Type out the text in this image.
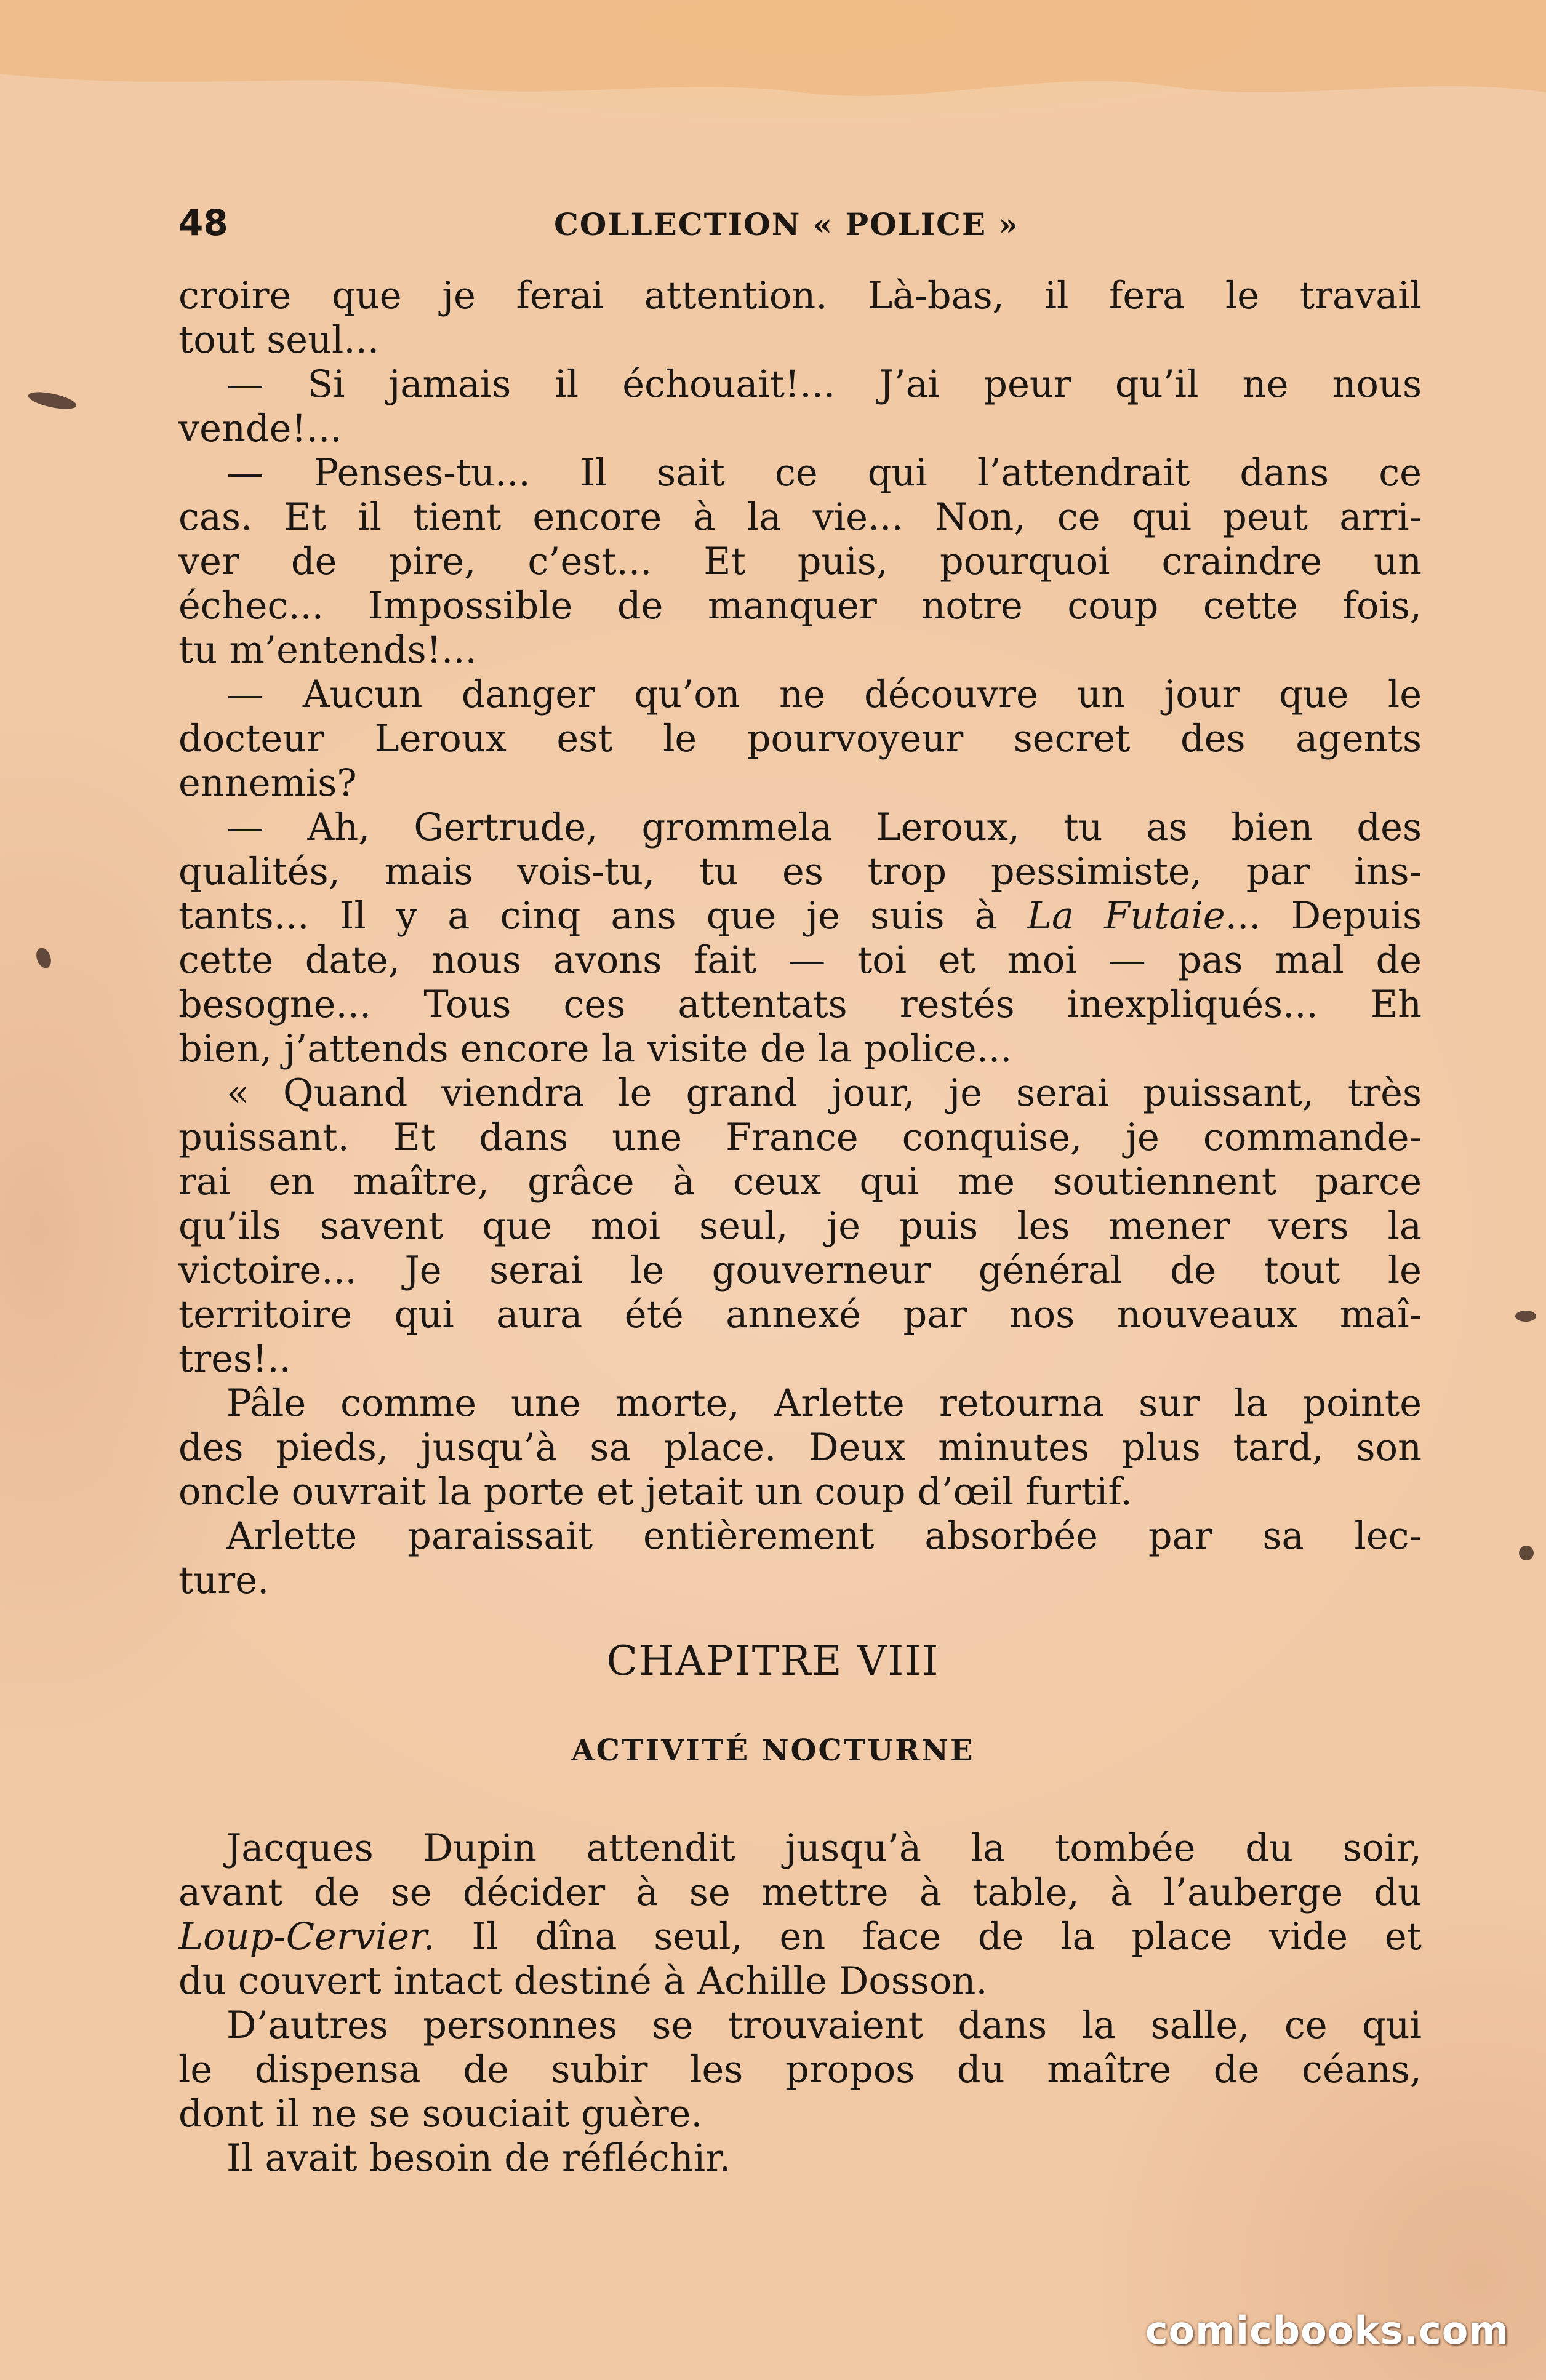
48	COLLECTION « POLICE »
croire que je ferai attention. Là-bas, il fera le travail
tout seul...
— Si jamais il échouait!... J’ai peur qu’il ne nous
vende!...
— Penses-tu... Il sait ce qui l’attendrait dans ce
cas. Et il tient encore à la vie... Non, ce qui peut arri-
ver de pire, c’est... Et puis, pourquoi craindre un
échec... Impossible de manquer notre coup cette fois,
tu m’entends!...
— Aucun danger qu’on ne découvre un jour que le
docteur Leroux est le pourvoyeur secret des agents
ennemis?
— Ah, Gertrude, grommela Leroux, tu as bien des
qualités, mais vois-tu, tu es trop pessimiste, par ins-
tants... Il y a cinq ans que je suis à La Futaie... Depuis
cette date, nous avons fait — toi et moi — pas mal de
besogne... Tous ces attentats restés inexpliqués... Eh
bien, j’attends encore la visite de la police...
« Quand viendra le grand jour, je serai puissant, très
puissant. Et dans une France conquise, je commande-
rai en maître, grâce à ceux qui me soutiennent parce
qu’ils savent que moi seul, je puis les mener vers la
victoire... Je serai le gouverneur général de tout le
territoire qui aura été annexé par nos nouveaux maî-
tres!..
Pâle comme une morte, Arlette retourna sur la pointe
des pieds, jusqu’à sa place. Deux minutes plus tard, son
oncle ouvrait la porte et jetait un coup d’œil furtif.
Arlette paraissait entièrement absorbée par sa lec-
ture.
CHAPITRE VIII
ACTIVITÉ NOCTURNE
Jacques Dupin attendit jusqu’à la tombée du soir,
avant de se décider à se mettre à table, à l’auberge du
Loup-Cervier. Il dîna seul, en face de la place vide et
du couvert intact destiné à Achille Dosson.
D’autres personnes se trouvaient dans la salle, ce qui
le dispensa de subir les propos du maître de céans,
dont il ne se souciait guère.
Il avait besoin de réfléchir.
comicbooks.com
